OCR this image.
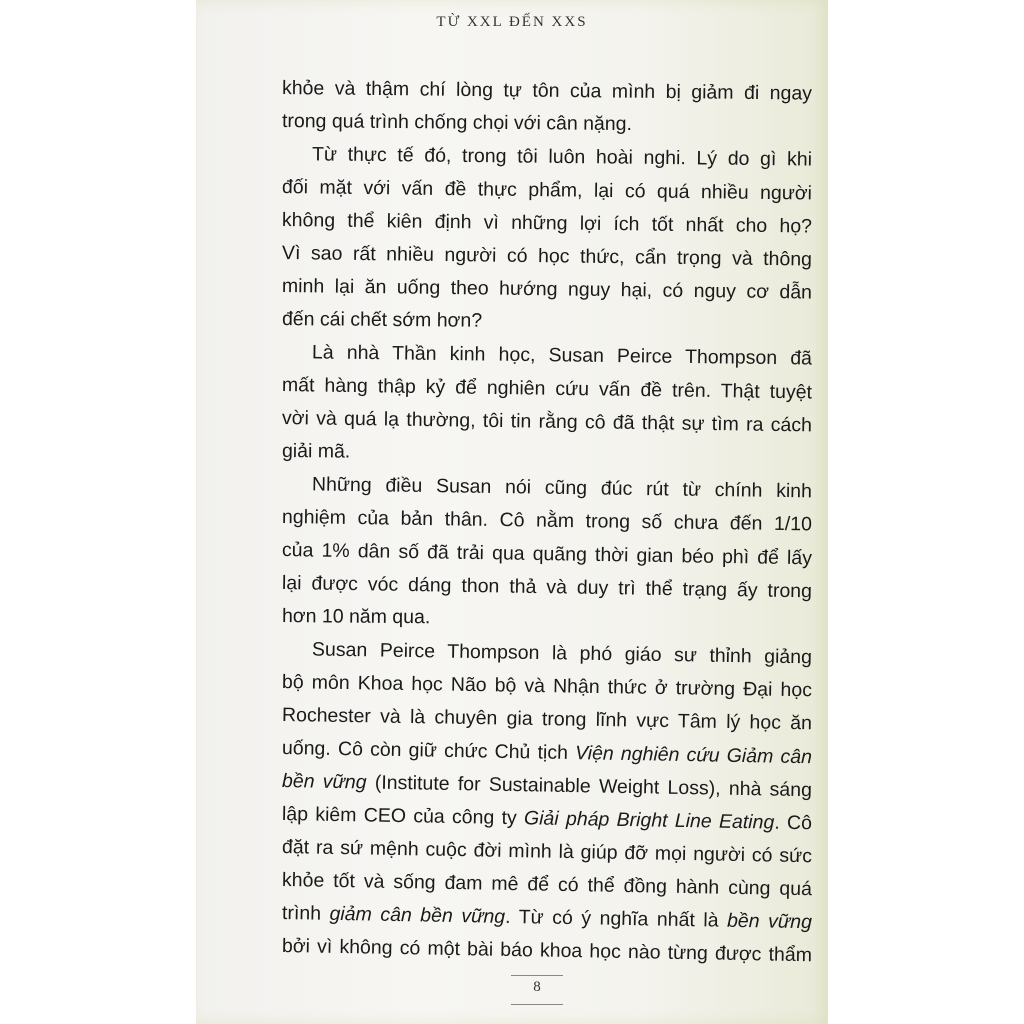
TỪ XXL ĐẾN XXS
khỏe và thậm chí lòng tự tôn của mình bị giảm đi ngay
trong quá trình chống chọi với cân nặng.
Từ thực tế đó, trong tôi luôn hoài nghi. Lý do gì khi
đối mặt với vấn đề thực phẩm, lại có quá nhiều người
không thể kiên định vì những lợi ích tốt nhất cho họ?
Vì sao rất nhiều người có học thức, cẩn trọng và thông
minh lại ăn uống theo hướng nguy hại, có nguy cơ dẫn
đến cái chết sớm hơn?
Là nhà Thần kinh học, Susan Peirce Thompson đã
mất hàng thập kỷ để nghiên cứu vấn đề trên. Thật tuyệt
vời và quá lạ thường, tôi tin rằng cô đã thật sự tìm ra cách
giải mã.
Những điều Susan nói cũng đúc rút từ chính kinh
nghiệm của bản thân. Cô nằm trong số chưa đến 1/10
của 1% dân số đã trải qua quãng thời gian béo phì để lấy
lại được vóc dáng thon thả và duy trì thể trạng ấy trong
hơn 10 năm qua.
Susan Peirce Thompson là phó giáo sư thỉnh giảng
bộ môn Khoa học Não bộ và Nhận thức ở trường Đại học
Rochester và là chuyên gia trong lĩnh vực Tâm lý học ăn
uống. Cô còn giữ chức Chủ tịch Viện nghiên cứu Giảm cân
bền vững (Institute for Sustainable Weight Loss), nhà sáng
lập kiêm CEO của công ty Giải pháp Bright Line Eating. Cô
đặt ra sứ mệnh cuộc đời mình là giúp đỡ mọi người có sức
khỏe tốt và sống đam mê để có thể đồng hành cùng quá
trình giảm cân bền vững. Từ có ý nghĩa nhất là bền vững
bởi vì không có một bài báo khoa học nào từng được thẩm
8
